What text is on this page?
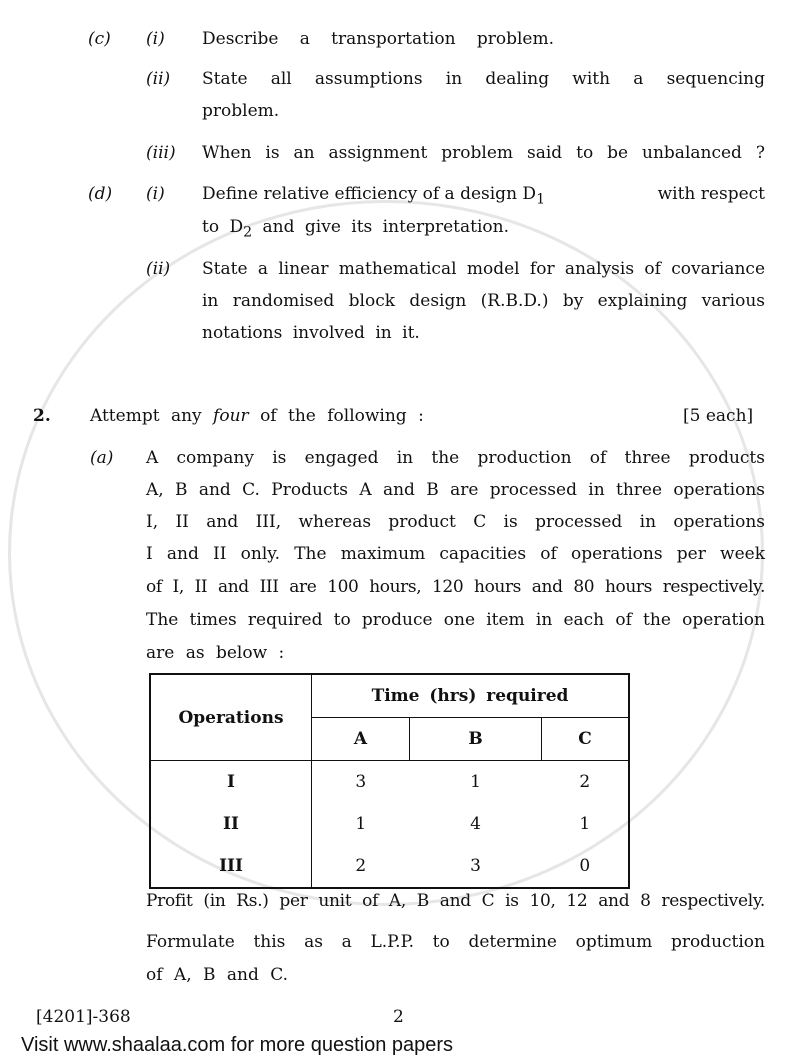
(c) (i) Describe a transportation problem.
(ii) State all assumptions in dealing with a sequencing
problem.
(iii) When is an assignment problem said to be unbalanced ?
(d) (i) Define relative efficiency of a design $D_1$	with respect
to $D_2$ and give its interpretation.
(ii) State a linear mathematical model for analysis of covariance
in randomised block design (R.B.D.) by explaining various
notations involved in it.
2. Attempt any four of the following :	[5 each]
(a) A company is engaged in the production of three products
A, B and C. Products A and B are processed in three operations
I, II and III, whereas product C is processed in operations
I and II only. The maximum capacities of operations per week
of I, II and III are 100 hours, 120 hours and 80 hours respectively.
The times required to produce one item in each of the operation
are as below :
Operations	Time (hrs) required		
	A	B	C
I	3	1	2
II	1	4	1
III	2	3	0
Profit (in Rs.) per unit of A, B and C is 10, 12 and 8 respectively.
Formulate this as a L.P.P. to determine optimum production
of A, B and C.
[4201]-368	2
Visit www.shaalaa.com for more question papers
